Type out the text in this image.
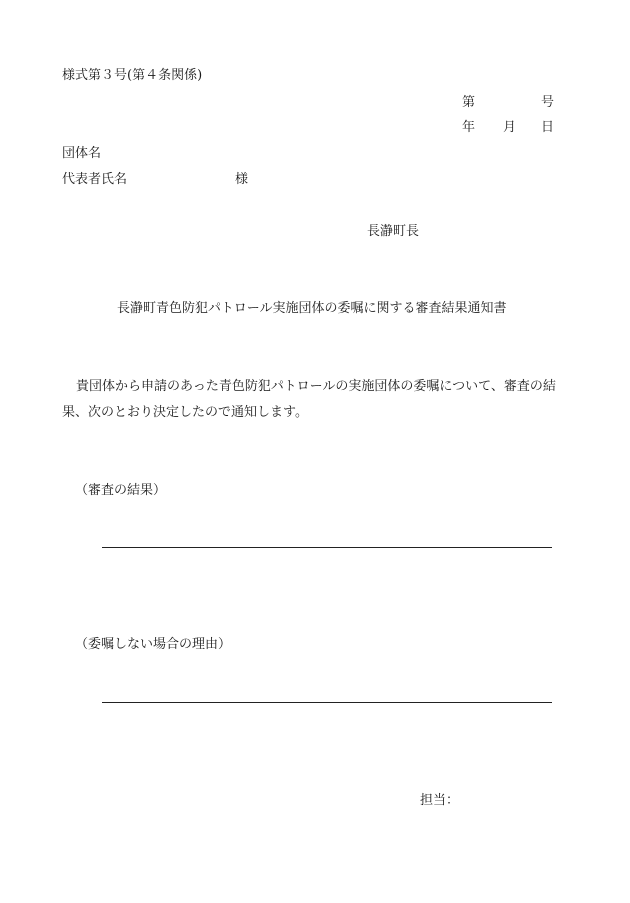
様式第３号(第４条関係)
第	号
年 月 日
団体名
代表者氏名	様
長瀞町長
長瀞町青色防犯パトロール実施団体の委嘱に関する審査結果通知書
貴団体から申請のあった青色防犯パトロールの実施団体の委嘱について、審査の結果、次のとおり決定したので通知します。
（審査の結果）
（委嘱しない場合の理由）
担当：
